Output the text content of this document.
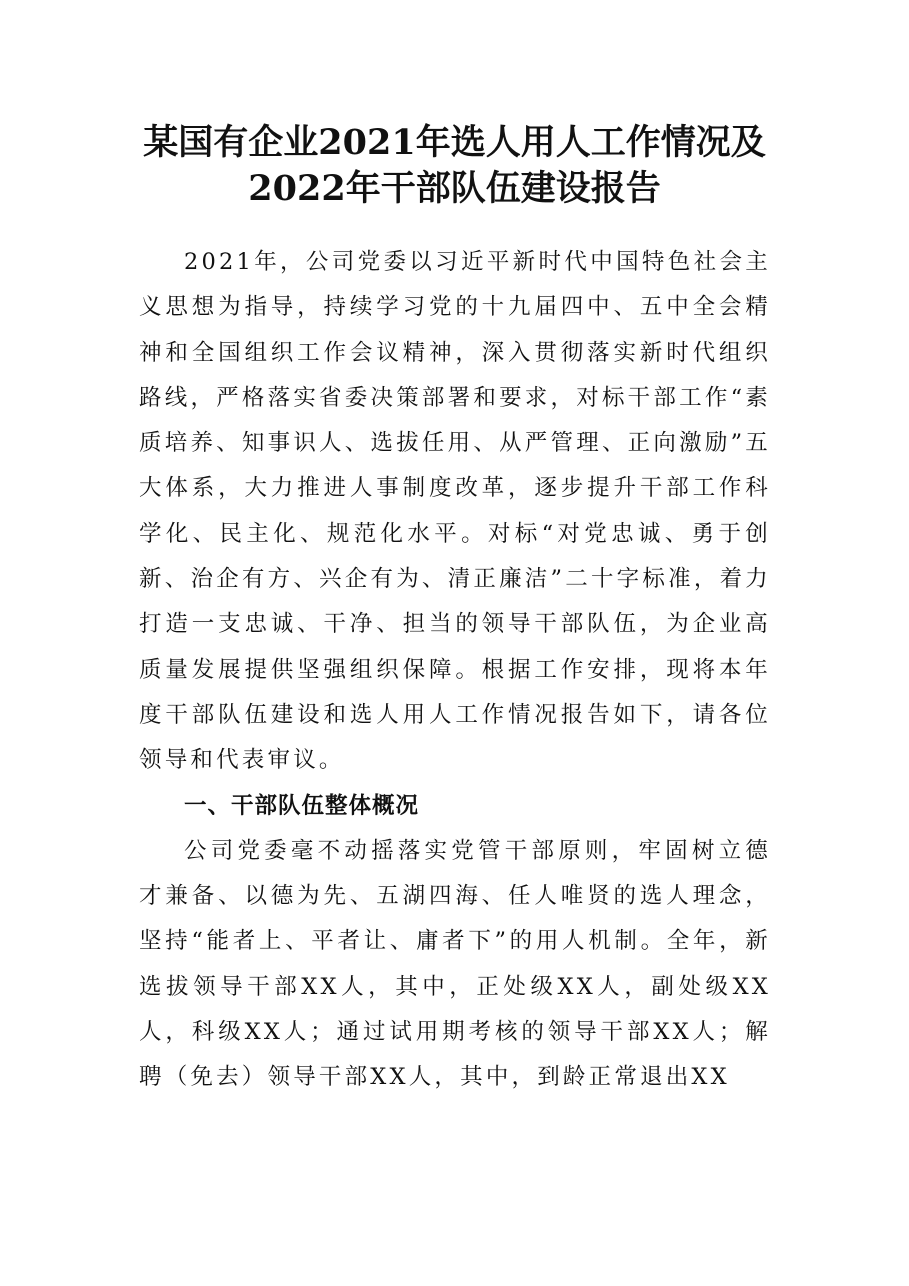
某国有企业2021年选人用人工作情况及
2022年干部队伍建设报告

2021年，公司党委以习近平新时代中国特色社会主义思想为指导，持续学习党的十九届四中、五中全会精神和全国组织工作会议精神，深入贯彻落实新时代组织路线，严格落实省委决策部署和要求，对标干部工作“素质培养、知事识人、选拔任用、从严管理、正向激励”五大体系，大力推进人事制度改革，逐步提升干部工作科学化、民主化、规范化水平。对标“对党忠诚、勇于创新、治企有方、兴企有为、清正廉洁”二十字标准，着力打造一支忠诚、干净、担当的领导干部队伍，为企业高质量发展提供坚强组织保障。根据工作安排，现将本年度干部队伍建设和选人用人工作情况报告如下，请各位领导和代表审议。

一、干部队伍整体概况

公司党委毫不动摇落实党管干部原则，牢固树立德才兼备、以德为先、五湖四海、任人唯贤的选人理念，坚持“能者上、平者让、庸者下”的用人机制。全年，新选拔领导干部XX人，其中，正处级XX人，副处级XX人，科级XX人；通过试用期考核的领导干部XX人；解聘（免去）领导干部XX人，其中，到龄正常退出XX
